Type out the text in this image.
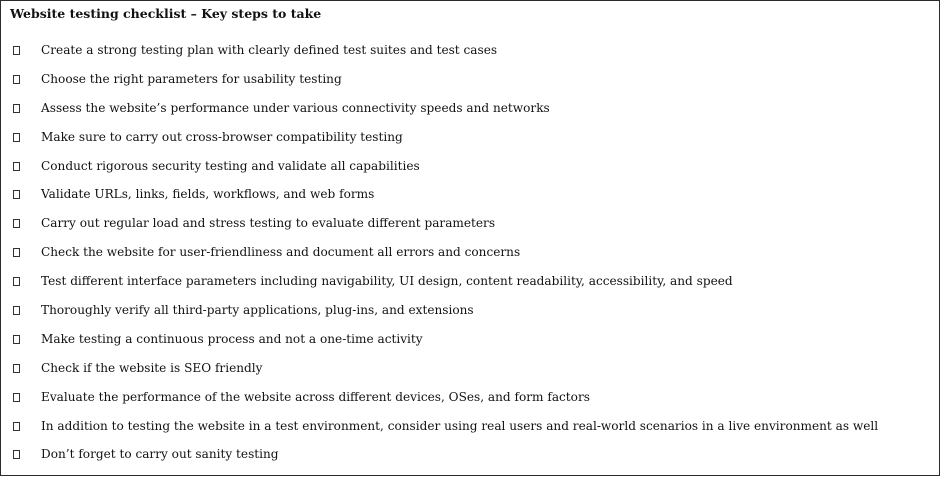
Website testing checklist – Key steps to take
Create a strong testing plan with clearly defined test suites and test cases
Choose the right parameters for usability testing
Assess the website’s performance under various connectivity speeds and networks
Make sure to carry out cross-browser compatibility testing
Conduct rigorous security testing and validate all capabilities
Validate URLs, links, fields, workflows, and web forms
Carry out regular load and stress testing to evaluate different parameters
Check the website for user-friendliness and document all errors and concerns
Test different interface parameters including navigability, UI design, content readability, accessibility, and speed
Thoroughly verify all third-party applications, plug-ins, and extensions
Make testing a continuous process and not a one-time activity
Check if the website is SEO friendly
Evaluate the performance of the website across different devices, OSes, and form factors
In addition to testing the website in a test environment, consider using real users and real-world scenarios in a live environment as well
Don’t forget to carry out sanity testing
